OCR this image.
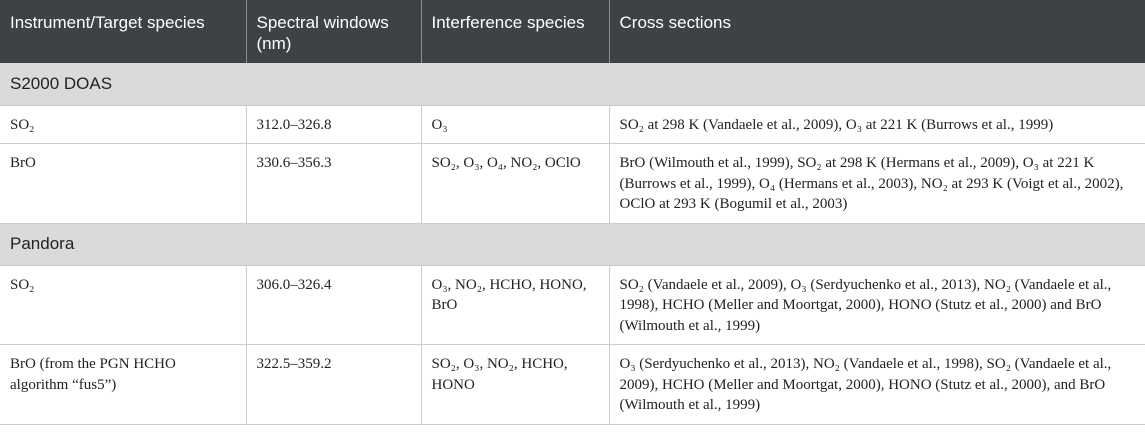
Instrument/Target species	Spectral windows (nm)	Interference species	Cross sections
S2000 DOAS			
SO₂	312.0–326.8	O₃	SO₂ at 298 K (Vandaele et al., 2009), O₃ at 221 K (Burrows et al., 1999)
BrO	330.6–356.3	SO₂, O₃, O₄, NO₂, OClO	BrO (Wilmouth et al., 1999), SO₂ at 298 K (Hermans et al., 2009), O₃ at 221 K (Burrows et al., 1999), O₄ (Hermans et al., 2003), NO₂ at 293 K (Voigt et al., 2002), OClO at 293 K (Bogumil et al., 2003)
Pandora			
SO₂	306.0–326.4	O₃, NO₂, HCHO, HONO, BrO	SO₂ (Vandaele et al., 2009), O₃ (Serdyuchenko et al., 2013), NO₂ (Vandaele et al., 1998), HCHO (Meller and Moortgat, 2000), HONO (Stutz et al., 2000) and BrO (Wilmouth et al., 1999)
BrO (from the PGN HCHO algorithm “fus5”)	322.5–359.2	SO₂, O₃, NO₂, HCHO, HONO	O₃ (Serdyuchenko et al., 2013), NO₂ (Vandaele et al., 1998), SO₂ (Vandaele et al., 2009), HCHO (Meller and Moortgat, 2000), HONO (Stutz et al., 2000), and BrO (Wilmouth et al., 1999)
